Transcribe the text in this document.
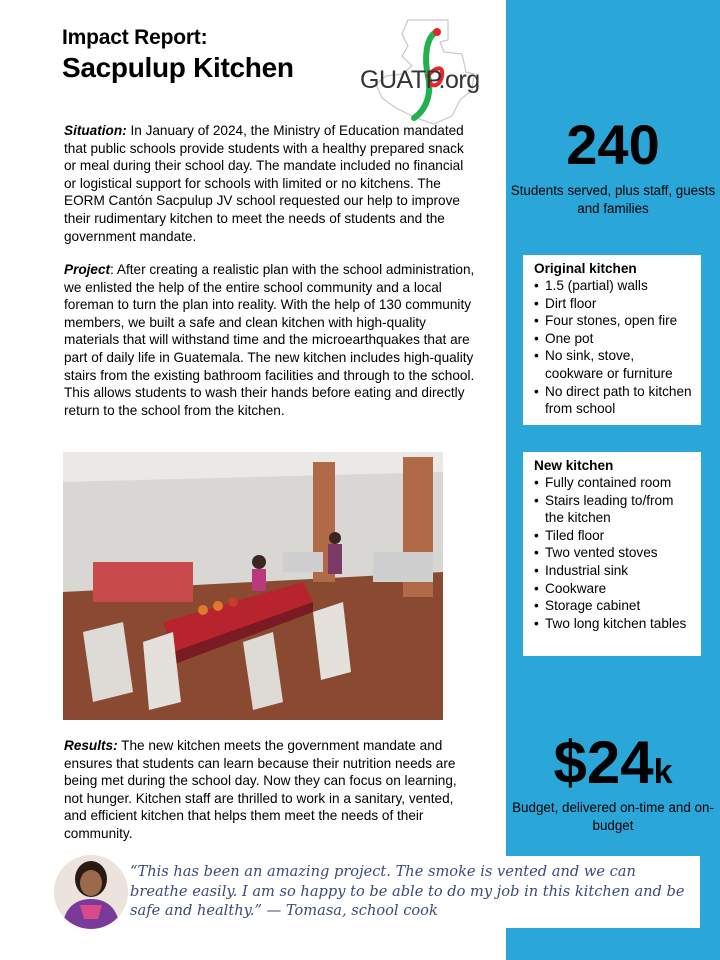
Impact Report:
Sacpulup Kitchen	GUATP.org
Situation: In January of 2024, the Ministry of Education mandated that public schools provide students with a healthy prepared snack or meal during their school day. The mandate included no financial or logistical support for schools with limited or no kitchens. The EORM Cantón Sacpulup JV school requested our help to improve their rudimentary kitchen to meet the needs of students and the government mandate.
Project: After creating a realistic plan with the school administration, we enlisted the help of the entire school community and a local foreman to turn the plan into reality. With the help of 130 community members, we built a safe and clean kitchen with high-quality materials that will withstand time and the microearthquakes that are part of daily life in Guatemala. The new kitchen includes high-quality stairs from the existing bathroom facilities and through to the school. This allows students to wash their hands before eating and directly return to the school from the kitchen.
Results: The new kitchen meets the government mandate and ensures that students can learn because their nutrition needs are being met during the school day. Now they can focus on learning, not hunger. Kitchen staff are thrilled to work in a sanitary, vented, and efficient kitchen that helps them meet the needs of their community.
240
Students served, plus staff, guests and families
Original kitchen
• 1.5 (partial) walls
• Dirt floor
• Four stones, open fire
• One pot
• No sink, stove, cookware or furniture
• No direct path to kitchen from school
New kitchen
• Fully contained room
• Stairs leading to/from the kitchen
• Tiled floor
• Two vented stoves
• Industrial sink
• Cookware
• Storage cabinet
• Two long kitchen tables
$24k
Budget, delivered on-time and on-budget
“This has been an amazing project. The smoke is vented and we can breathe easily. I am so happy to be able to do my job in this kitchen and be safe and healthy.” — Tomasa, school cook
